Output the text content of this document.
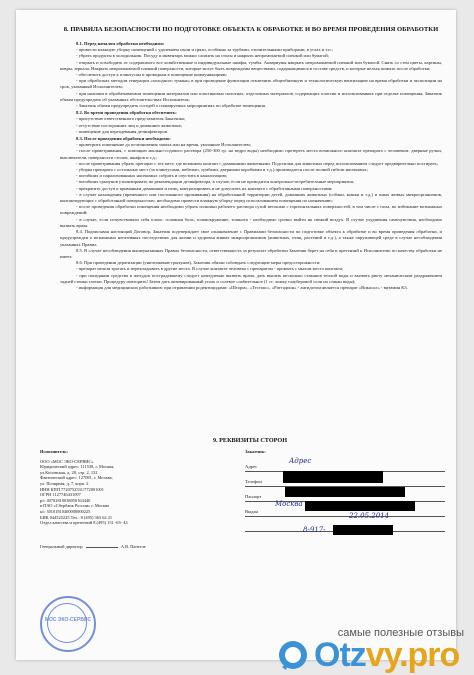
8. ПРАВИЛА БЕЗОПАСНОСТИ ПО ПОДГОТОВКЕ ОБЪЕКТА К ОБРАБОТКЕ И ВО ВРЕМЯ ПРОВЕДЕНИЯ ОБРАБОТКИ

8.1. Перед началом обработки необходимо:

- провести влажную уборку помещений с удалением пыли и грязи, особенно за трубами, отопительными приборами, в углах и т.п.;

- убрать продукты в холодильник. Посуду и инвентарь можно сложить на столы и накрыть непромокаемой пленкой или бумагой;

- открыть и освободить от содержимого все хозяйственные и индивидуальные шкафы, тумбы. Аквариумы накрыть непромокаемой пленкой или бумагой. Снять со стен цветы, картины, ковры, зеркала. Накрыть непромокаемой пленкой поверхности, которые могут быть повреждены веществами, содержащимися в составе средств, и которые нельзя помыть после обработки;

- обеспечить доступ к плинтусам и проводкам в помещение коммуникациям;

- при обработках методом генерации «холодного тумана» в при проведение фумигации отключить общеобменную и технологическую вентиляцию на время обработки и экспозиции на срок, указанный Исполнителем;

- при наличии в обрабатываемом помещении материалов или пластиковых полотнах, отделочных материалов, содержащих пластик и использованных при отделке помещения, Заказчик обязан предупредить об указанных обстоятельствах Исполнителя;

- Заказчик обязан предупредить соседей о планируемых мероприятиях по обработке помещения.

8.2. Во время проведения обработки обеспечить:

- присутствие ответственного представителя Заказчика;

- отсутствие посторонних лиц и домашних животных;

- помещение для переодевания дезинфекторов.

8.3. После проведения обработки необходимо:

- проветрить помещение до исчезновения запаха или на время, указанное Исполнителем;

- после проветривания, с помощью мыльно-содового раствора (250-300 гр. на ведро воды) необходимо протереть места возможного контакта препарата с человеком: дверные ручки, выключатели, поверхности столов, шкафов и т.д.;

- после проветривания убрать препарат с тех мест, где возможен контакт с домашними животными. Подстилки для животных перед использованием следует предварительно постирать;

- уборка препарата с остальных мест (за плинтусами, мебелью, тумбами, дверными коробками и т.д.) производится после полной гибели насекомых;

- погибших и парализованных насекомых собрать и спустить в канализацию;

- погибших грызунов утилизировать по рекомендации дезинфектора, в случае, если не проводится контрольно-истребительные мероприятия;

- прекратить доступ к приманкам домашним и птиц, контролировать и не допускать их контакта с обработанными поверхностями;

- в случае нахождения (временного или постоянного проживания) на обработанной территории детей, домашних животных (собаки, кошки и т.д.) и иных живых микроорганизмов, контактирующих с обработанной поверхностью, необходимо провести влажную уборку перед использованием помещения по назначению;

- после проведения обработки помещения необходимо убрать излишки рабочего раствора сухой ветошью с горизонтальных поверхностей, в том числе с пола, во избежание возможных повреждений;

- в случае, если почувствовали себя плохо: головная боль, головокружение, тошнота - необходимо срочно выйти на свежий воздух. В случае ухудшения самочувствия, необходимо вызвать врача.

8.4. Подписывая настоящий Договор, Заказчик подтверждает свое ознакомление с Правилами безопасности по подготовке объекта к обработке и во время проведения обработки, и предупрежден о возможных негативных последствиях для жизни и здоровья живых микроорганизмов (животных, птиц, растений и т.д.), а также окружающей среде в случае несоблюдения указанных Правил.

8.5. В случае несоблюдения вышеуказанных Правил безопасности, ответственность за результат обработки Заказчик берет на себя и претензий к Исполнителю по качеству обработки не имеет.

8.6. При проведении дератизации (уничтожение грызунов), Заказчик обязан соблюдать следующие меры предосторожности:

- препарат нельзя трогать и перекладывать в другие места. В случае контакта человека с препаратом - промыть с мылом места контакта;

- при попадании средства в желудок пострадавшему следует немедленно вызвать врача, дать выпить несколько стаканов теплой воды и вызвать рвоту механическим раздражением задней стенки глотки. Процедуру повторить! Затем дать активированный уголь и солевое слабительное (1 ст. ложку глауберовой соли на стакан воды);

- информация для медицинских работников: при отравлении родентицидами: «Шторм», «Тестокс», «Раттадион» - антидотом является препарат «Викасол» - витамин К3.

9. РЕКВИЗИТЫ СТОРОН
Исполнитель:
ООО «МОС ЭКО-СЕРВИС»
Юридический адрес: 111538, г. Москва,
ул.Косинская, д. 28, стр. 2, 132
Фактический адрес: 127081, г. Москва,
ул. Полярная, д. 7, корп. 2
ИНН КПП 7720752531/772001001
ОГРН 1127746431097
р/с 40702810038050163440
в ПАО «Сбербанк России» г. Москва
к/с 30101810400000000225
БИК 044525225 Тел.: 8 (495) 363 62 21
Отдел качества и претензий 8 (495) 151 -65- 43
Генеральный директор	А.В. Пантеле
Заказчик:
Адрес
Телефон
Паспорт
Выдан
Адрес
Москва
22.05.2014
8-917-
МОС ЭКО-СЕРВИС
самые полезные отзывы
Otzvy.pro
